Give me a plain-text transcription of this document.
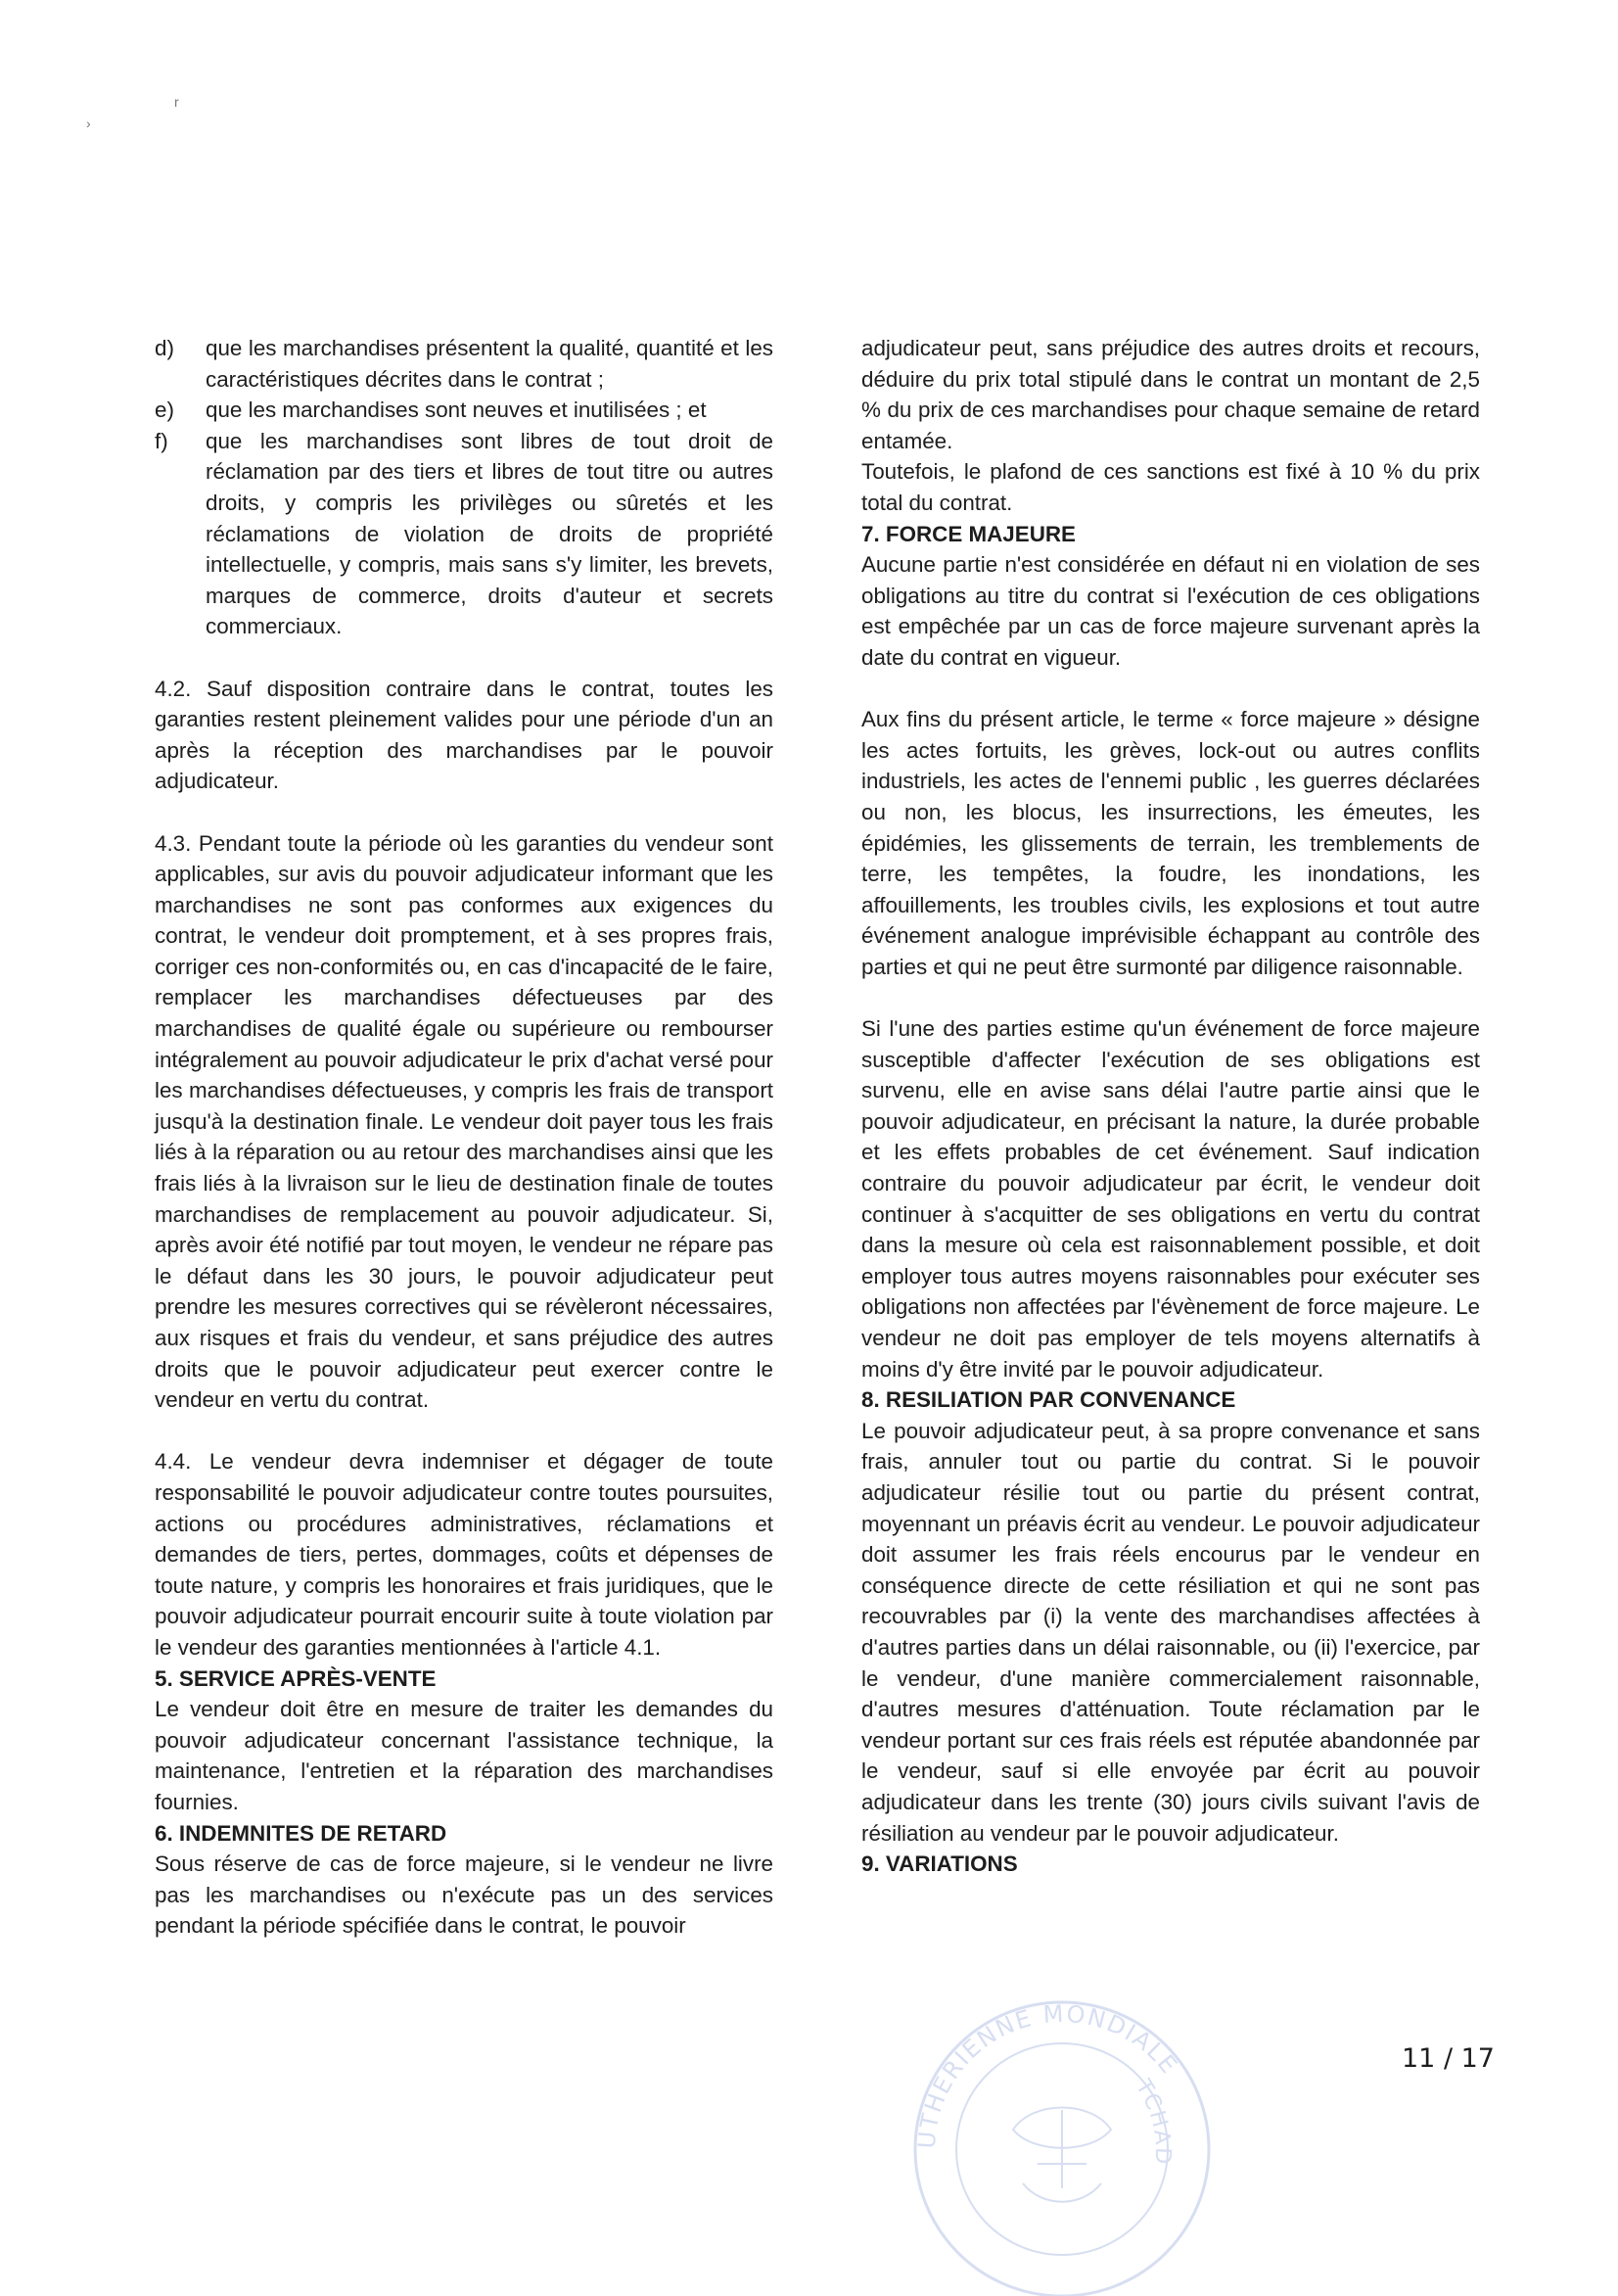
›
r
d)	que les marchandises présentent la qualité, quantité et les caractéristiques décrites dans le contrat ;
e)	que les marchandises sont neuves et inutilisées ; et
f)	que les marchandises sont libres de tout droit de réclamation par des tiers et libres de tout titre ou autres droits, y compris les privilèges ou sûretés et les réclamations de violation de droits de propriété intellectuelle, y compris, mais sans s'y limiter, les brevets, marques de commerce, droits d'auteur et secrets commerciaux.

4.2. Sauf disposition contraire dans le contrat, toutes les garanties restent pleinement valides pour une période d'un an après la réception des marchandises par le pouvoir adjudicateur.

4.3. Pendant toute la période où les garanties du vendeur sont applicables, sur avis du pouvoir adjudicateur informant que les marchandises ne sont pas conformes aux exigences du contrat, le vendeur doit promptement, et à ses propres frais, corriger ces non-conformités ou, en cas d'incapacité de le faire, remplacer les marchandises défectueuses par des marchandises de qualité égale ou supérieure ou rembourser intégralement au pouvoir adjudicateur le prix d'achat versé pour les marchandises défectueuses, y compris les frais de transport jusqu'à la destination finale. Le vendeur doit payer tous les frais liés à la réparation ou au retour des marchandises ainsi que les frais liés à la livraison sur le lieu de destination finale de toutes marchandises de remplacement au pouvoir adjudicateur. Si, après avoir été notifié par tout moyen, le vendeur ne répare pas le défaut dans les 30 jours, le pouvoir adjudicateur peut prendre les mesures correctives qui se révèleront nécessaires, aux risques et frais du vendeur, et sans préjudice des autres droits que le pouvoir adjudicateur peut exercer contre le vendeur en vertu du contrat.

4.4. Le vendeur devra indemniser et dégager de toute responsabilité le pouvoir adjudicateur contre toutes poursuites, actions ou procédures administratives, réclamations et demandes de tiers, pertes, dommages, coûts et dépenses de toute nature, y compris les honoraires et frais juridiques, que le pouvoir adjudicateur pourrait encourir suite à toute violation par le vendeur des garanties mentionnées à l'article 4.1.

5. SERVICE APRÈS-VENTE

Le vendeur doit être en mesure de traiter les demandes du pouvoir adjudicateur concernant l'assistance technique, la maintenance, l'entretien et la réparation des marchandises fournies.

6. INDEMNITES DE RETARD

Sous réserve de cas de force majeure, si le vendeur ne livre pas les marchandises ou n'exécute pas un des services pendant la période spécifiée dans le contrat, le pouvoir

adjudicateur peut, sans préjudice des autres droits et recours, déduire du prix total stipulé dans le contrat un montant de 2,5 % du prix de ces marchandises pour chaque semaine de retard entamée.

Toutefois, le plafond de ces sanctions est fixé à 10 % du prix total du contrat.

7. FORCE MAJEURE

Aucune partie n'est considérée en défaut ni en violation de ses obligations au titre du contrat si l'exécution de ces obligations est empêchée par un cas de force majeure survenant après la date du contrat en vigueur.

Aux fins du présent article, le terme « force majeure » désigne les actes fortuits, les grèves, lock-out ou autres conflits industriels, les actes de l'ennemi public , les guerres déclarées ou non, les blocus, les insurrections, les émeutes, les épidémies, les glissements de terrain, les tremblements de terre, les tempêtes, la foudre, les inondations, les affouillements, les troubles civils, les explosions et tout autre événement analogue imprévisible échappant au contrôle des parties et qui ne peut être surmonté par diligence raisonnable.

Si l'une des parties estime qu'un événement de force majeure susceptible d'affecter l'exécution de ses obligations est survenu, elle en avise sans délai l'autre partie ainsi que le pouvoir adjudicateur, en précisant la nature, la durée probable et les effets probables de cet événement. Sauf indication contraire du pouvoir adjudicateur par écrit, le vendeur doit continuer à s'acquitter de ses obligations en vertu du contrat dans la mesure où cela est raisonnablement possible, et doit employer tous autres moyens raisonnables pour exécuter ses obligations non affectées par l'évènement de force majeure. Le vendeur ne doit pas employer de tels moyens alternatifs à moins d'y être invité par le pouvoir adjudicateur.

8. RESILIATION PAR CONVENANCE

Le pouvoir adjudicateur peut, à sa propre convenance et sans frais, annuler tout ou partie du contrat. Si le pouvoir adjudicateur résilie tout ou partie du présent contrat, moyennant un préavis écrit au vendeur. Le pouvoir adjudicateur doit assumer les frais réels encourus par le vendeur en conséquence directe de cette résiliation et qui ne sont pas recouvrables par (i) la vente des marchandises affectées à d'autres parties dans un délai raisonnable, ou (ii) l'exercice, par le vendeur, d'une manière commercialement raisonnable, d'autres mesures d'atténuation. Toute réclamation par le vendeur portant sur ces frais réels est réputée abandonnée par le vendeur, sauf si elle envoyée par écrit au pouvoir adjudicateur dans les trente (30) jours civils suivant l'avis de résiliation au vendeur par le pouvoir adjudicateur.

9. VARIATIONS

UTHERIENNE MONDIALE
TCHAD
11 / 17
